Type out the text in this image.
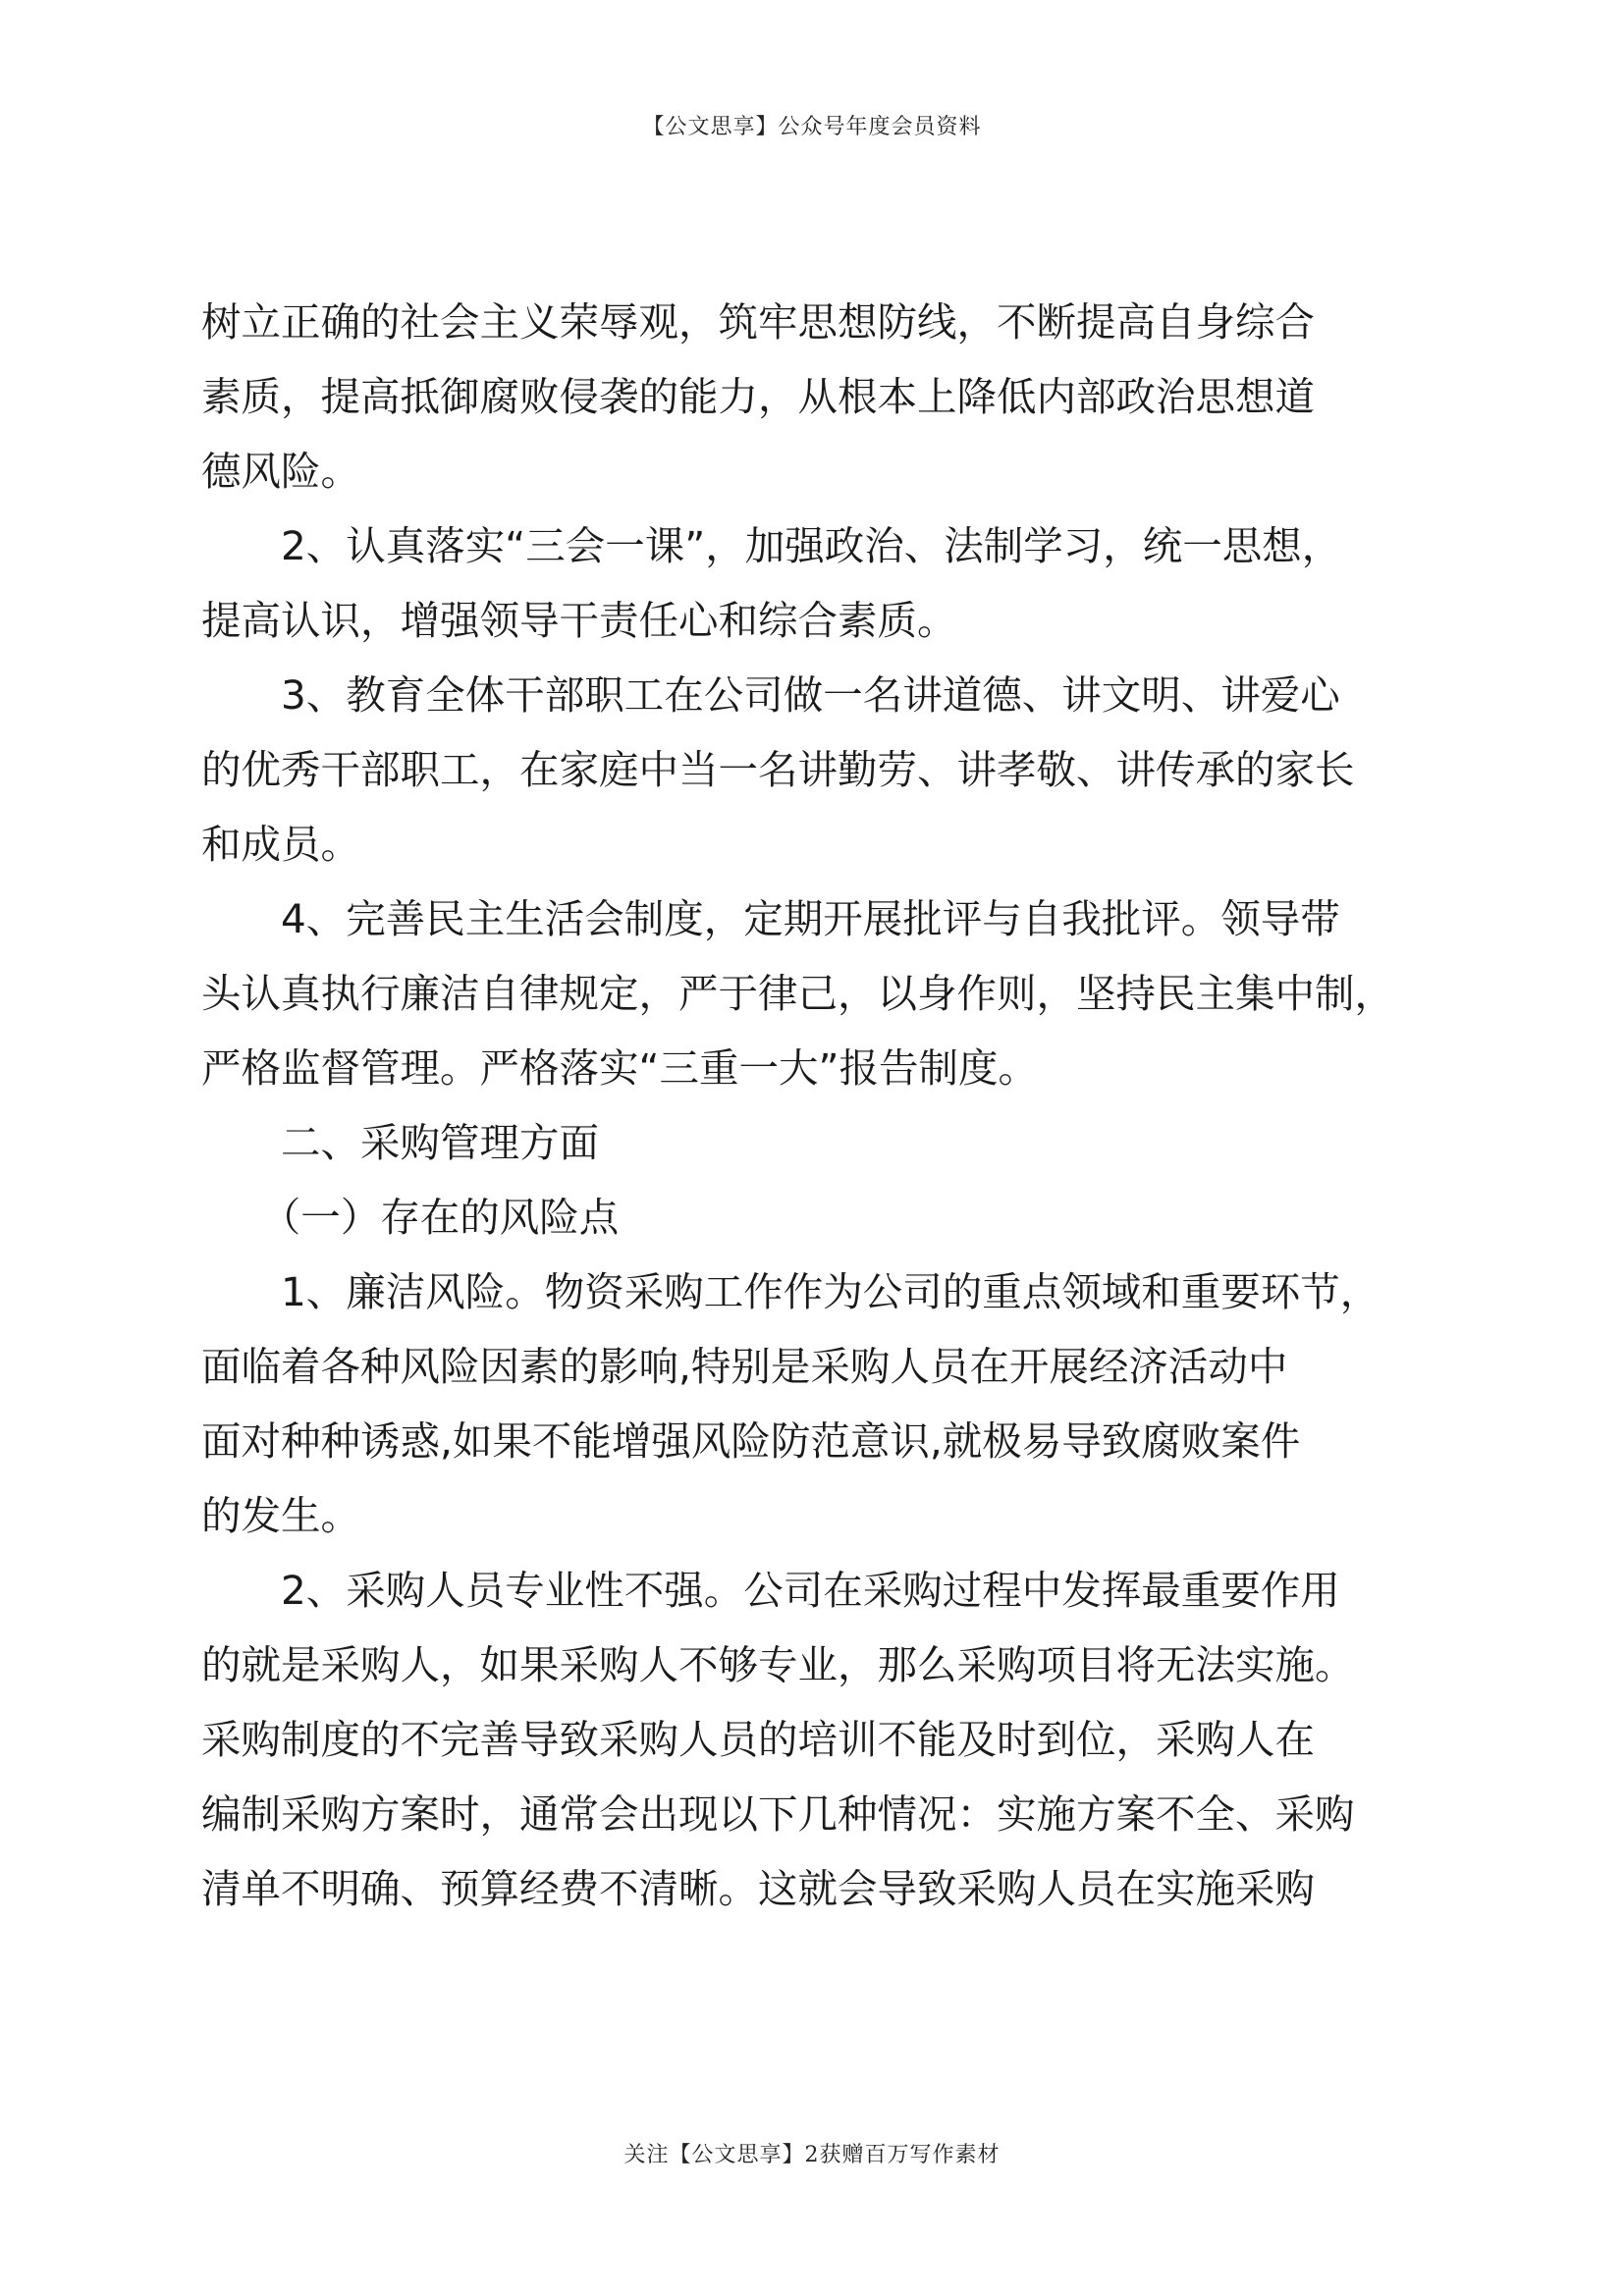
【公文思享】公众号年度会员资料
树立正确的社会主义荣辱观，筑牢思想防线，不断提高自身综合
素质，提高抵御腐败侵袭的能力，从根本上降低内部政治思想道
德风险。
　　2、认真落实“三会一课”，加强政治、法制学习，统一思想，
提高认识，增强领导干责任心和综合素质。
　　3、教育全体干部职工在公司做一名讲道德、讲文明、讲爱心
的优秀干部职工，在家庭中当一名讲勤劳、讲孝敬、讲传承的家长
和成员。
　　4、完善民主生活会制度，定期开展批评与自我批评。领导带
头认真执行廉洁自律规定，严于律己，以身作则，坚持民主集中制，
严格监督管理。严格落实“三重一大”报告制度。
　　二、采购管理方面
　　（一）存在的风险点
　　1、廉洁风险。物资采购工作作为公司的重点领域和重要环节，
面临着各种风险因素的影响,特别是采购人员在开展经济活动中
面对种种诱惑,如果不能增强风险防范意识,就极易导致腐败案件
的发生。
　　2、采购人员专业性不强。公司在采购过程中发挥最重要作用
的就是采购人，如果采购人不够专业，那么采购项目将无法实施。
采购制度的不完善导致采购人员的培训不能及时到位，采购人在
编制采购方案时，通常会出现以下几种情况：实施方案不全、采购
清单不明确、预算经费不清晰。这就会导致采购人员在实施采购
关注【公文思享】2获赠百万写作素材
